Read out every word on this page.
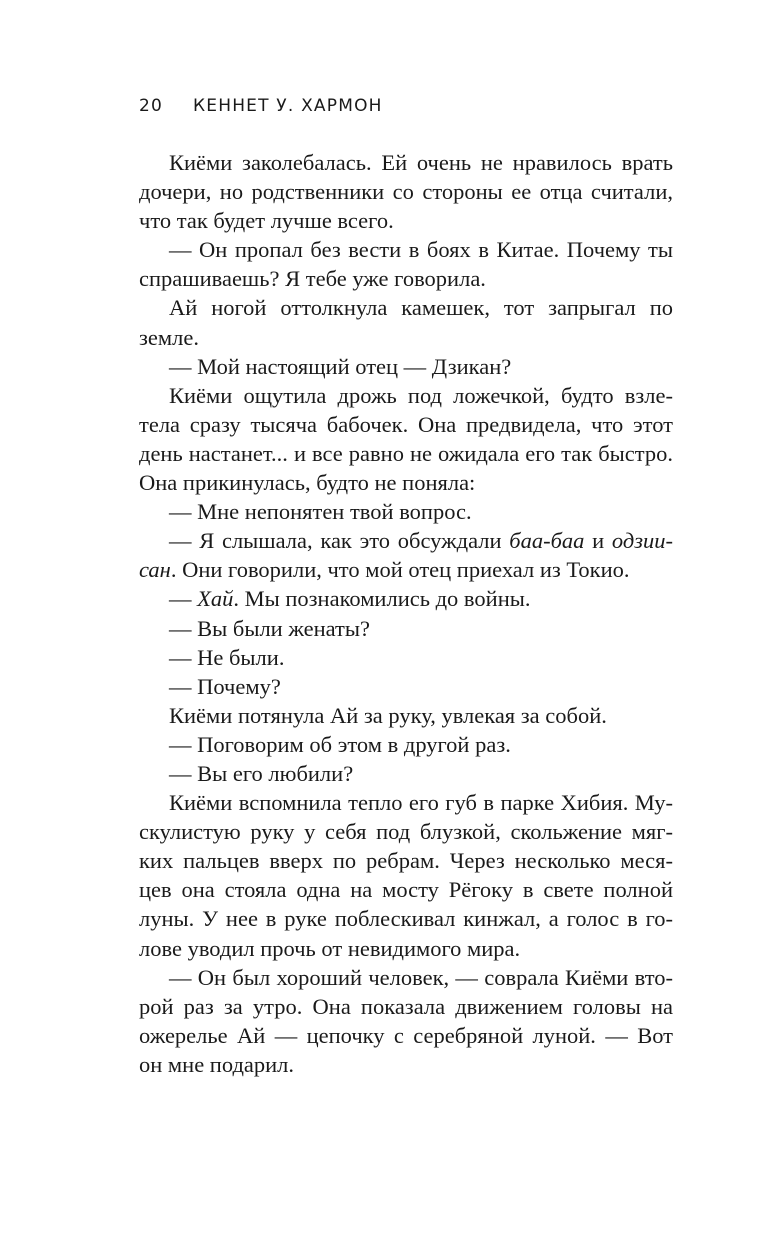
20 КЕННЕТ У. ХАРМОН
Киёми заколебалась. Ей очень не нравилось врать
дочери, но родственники со стороны ее отца считали,
что так будет лучше всего.
— Он пропал без вести в боях в Китае. Почему ты
спрашиваешь? Я тебе уже говорила.
Ай ногой оттолкнула камешек, тот запрыгал по
земле.
— Мой настоящий отец — Дзикан?
Киёми ощутила дрожь под ложечкой, будто взле-
тела сразу тысяча бабочек. Она предвидела, что этот
день настанет... и все равно не ожидала его так быстро.
Она прикинулась, будто не поняла:
— Мне непонятен твой вопрос.
— Я слышала, как это обсуждали баа-баа и одзии-
сан. Они говорили, что мой отец приехал из Токио.
— Хай. Мы познакомились до войны.
— Вы были женаты?
— Не были.
— Почему?
Киёми потянула Ай за руку, увлекая за собой.
— Поговорим об этом в другой раз.
— Вы его любили?
Киёми вспомнила тепло его губ в парке Хибия. Му-
скулистую руку у себя под блузкой, скольжение мяг-
ких пальцев вверх по ребрам. Через несколько меся-
цев она стояла одна на мосту Рёгоку в свете полной
луны. У нее в руке поблескивал кинжал, а голос в го-
лове уводил прочь от невидимого мира.
— Он был хороший человек, — соврала Киёми вто-
рой раз за утро. Она показала движением головы на
ожерелье Ай — цепочку с серебряной луной. — Вот
он мне подарил.
